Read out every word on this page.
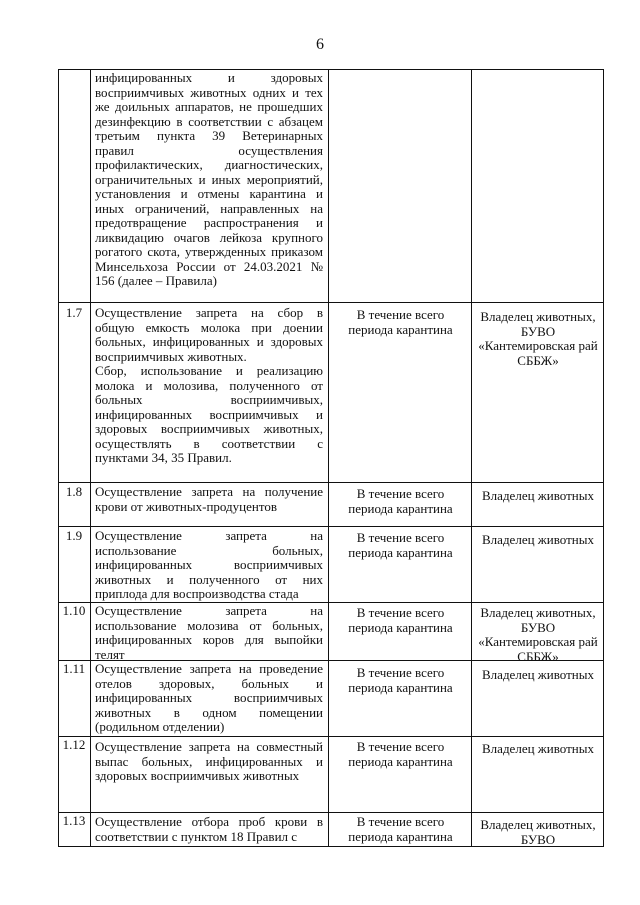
6
инфицированных и здоровых восприимчивых животных одних и тех же доильных аппаратов, не прошедших дезинфекцию в соответствии с абзацем третьим пункта 39 Ветеринарных правил осуществления профилактических, диагностических, ограничительных и иных мероприятий, установления и отмены карантина и иных ограничений, направленных на предотвращение распространения и ликвидацию очагов лейкоза крупного рогатого скота, утвержденных приказом Минсельхоза России от 24.03.2021 № 156 (далее – Правила)
1.7 Осуществление запрета на сбор в общую емкость молока при доении больных, инфицированных и здоровых восприимчивых животных.
Сбор, использование и реализацию молока и молозива, полученного от больных восприимчивых, инфицированных восприимчивых и здоровых восприимчивых животных, осуществлять в соответствии с пунктами 34, 35 Правил.
В течение всего периода карантина
Владелец животных, БУВО «Кантемировская рай СББЖ»
1.8 Осуществление запрета на получение крови от животных-продуцентов
В течение всего периода карантина
Владелец животных
1.9 Осуществление запрета на использование больных, инфицированных восприимчивых животных и полученного от них приплода для воспроизводства стада
В течение всего периода карантина
Владелец животных
1.10 Осуществление запрета на использование молозива от больных, инфицированных коров для выпойки телят
В течение всего периода карантина
Владелец животных, БУВО «Кантемировская рай СББЖ»
1.11 Осуществление запрета на проведение отелов здоровых, больных и инфицированных восприимчивых животных в одном помещении (родильном отделении)
В течение всего периода карантина
Владелец животных
1.12 Осуществление запрета на совместный выпас больных, инфицированных и здоровых восприимчивых животных
В течение всего периода карантина
Владелец животных
1.13 Осуществление отбора проб крови в соответствии с пунктом 18 Правил с
В течение всего периода карантина
Владелец животных, БУВО
